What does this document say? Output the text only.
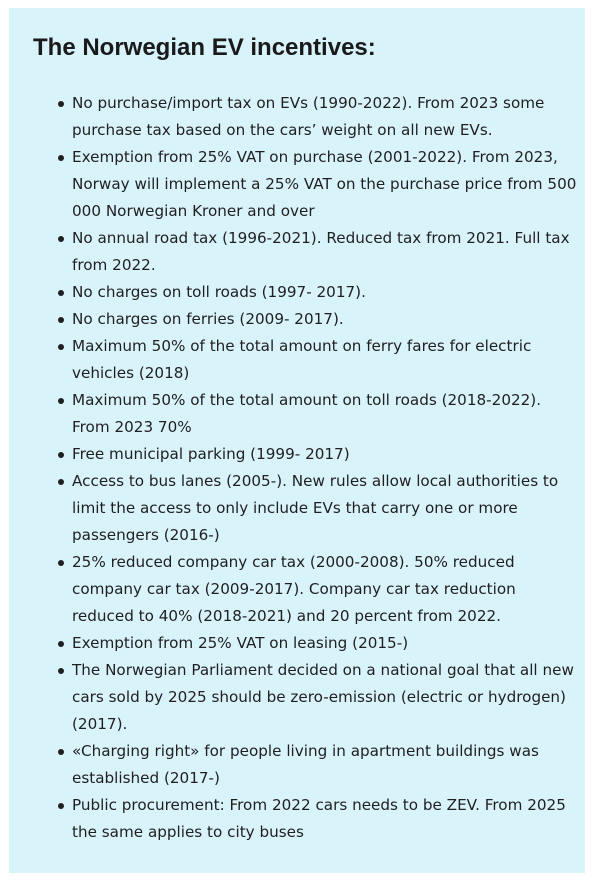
The Norwegian EV incentives:
No purchase/import tax on EVs (1990-2022). From 2023 some purchase tax based on the cars’ weight on all new EVs.
Exemption from 25% VAT on purchase (2001-2022). From 2023, Norway will implement a 25% VAT on the purchase price from 500 000 Norwegian Kroner and over
No annual road tax (1996-2021). Reduced tax from 2021. Full tax from 2022.
No charges on toll roads (1997- 2017).
No charges on ferries (2009- 2017).
Maximum 50% of the total amount on ferry fares for electric vehicles (2018)
Maximum 50% of the total amount on toll roads (2018-2022). From 2023 70%
Free municipal parking (1999- 2017)
Access to bus lanes (2005-). New rules allow local authorities to limit the access to only include EVs that carry one or more passengers (2016-)
25% reduced company car tax (2000-2008). 50% reduced company car tax (2009-2017). Company car tax reduction reduced to 40% (2018-2021) and 20 percent from 2022.
Exemption from 25% VAT on leasing (2015-)
The Norwegian Parliament decided on a national goal that all new cars sold by 2025 should be zero-emission (electric or hydrogen) (2017).
«Charging right» for people living in apartment buildings was established (2017-)
Public procurement: From 2022 cars needs to be ZEV. From 2025 the same applies to city buses
